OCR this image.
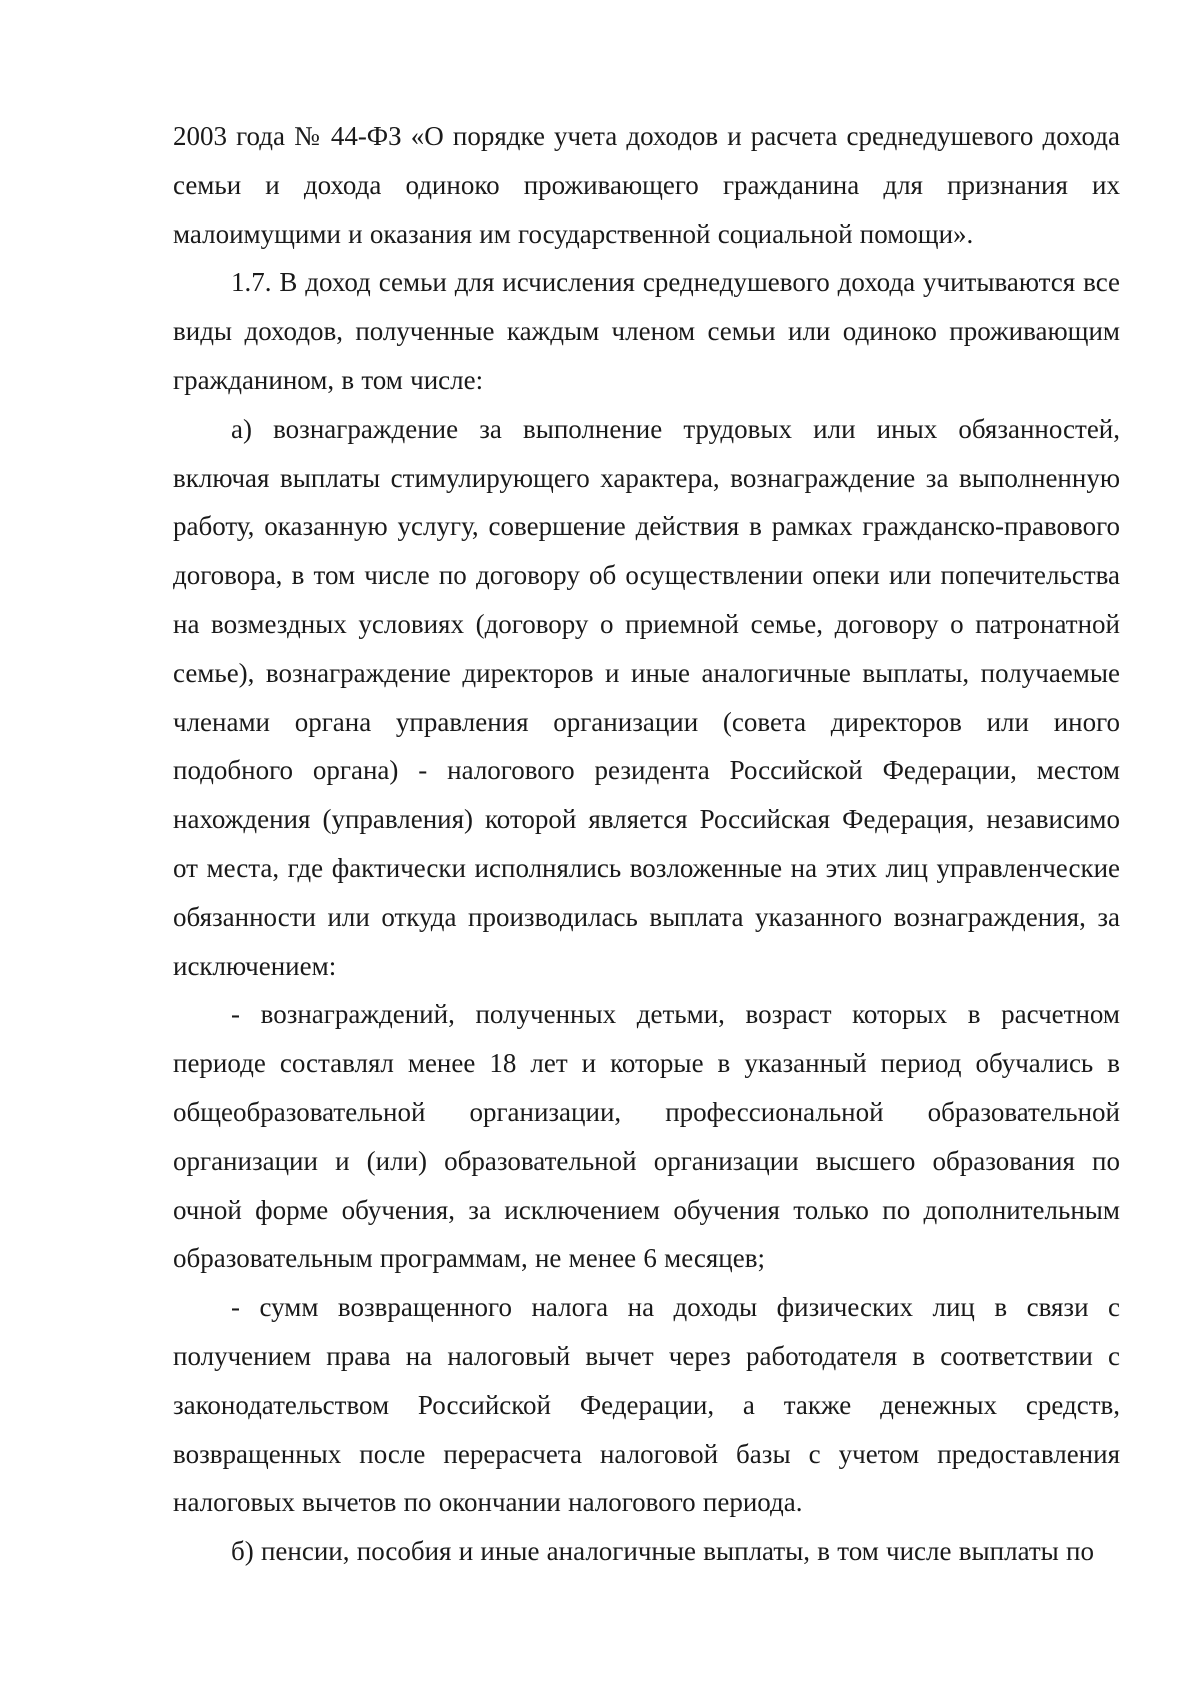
2003 года № 44-ФЗ «О порядке учета доходов и расчета среднедушевого дохода семьи и дохода одиноко проживающего гражданина для признания их малоимущими и оказания им государственной социальной помощи».

1.7. В доход семьи для исчисления среднедушевого дохода учитываются все виды доходов, полученные каждым членом семьи или одиноко проживающим гражданином, в том числе:

а) вознаграждение за выполнение трудовых или иных обязанностей, включая выплаты стимулирующего характера, вознаграждение за выполненную работу, оказанную услугу, совершение действия в рамках гражданско-правового договора, в том числе по договору об осуществлении опеки или попечительства на возмездных условиях (договору о приемной семье, договору о патронатной семье), вознаграждение директоров и иные аналогичные выплаты, получаемые членами органа управления организации (совета директоров или иного подобного органа) - налогового резидента Российской Федерации, местом нахождения (управления) которой является Российская Федерация, независимо от места, где фактически исполнялись возложенные на этих лиц управленческие обязанности или откуда производилась выплата указанного вознаграждения, за исключением:

- вознаграждений, полученных детьми, возраст которых в расчетном периоде составлял менее 18 лет и которые в указанный период обучались в общеобразовательной организации, профессиональной образовательной организации и (или) образовательной организации высшего образования по очной форме обучения, за исключением обучения только по дополнительным образовательным программам, не менее 6 месяцев;

- сумм возвращенного налога на доходы физических лиц в связи с получением права на налоговый вычет через работодателя в соответствии с законодательством Российской Федерации, а также денежных средств, возвращенных после перерасчета налоговой базы с учетом предоставления налоговых вычетов по окончании налогового периода.

б) пенсии, пособия и иные аналогичные выплаты, в том числе выплаты по
